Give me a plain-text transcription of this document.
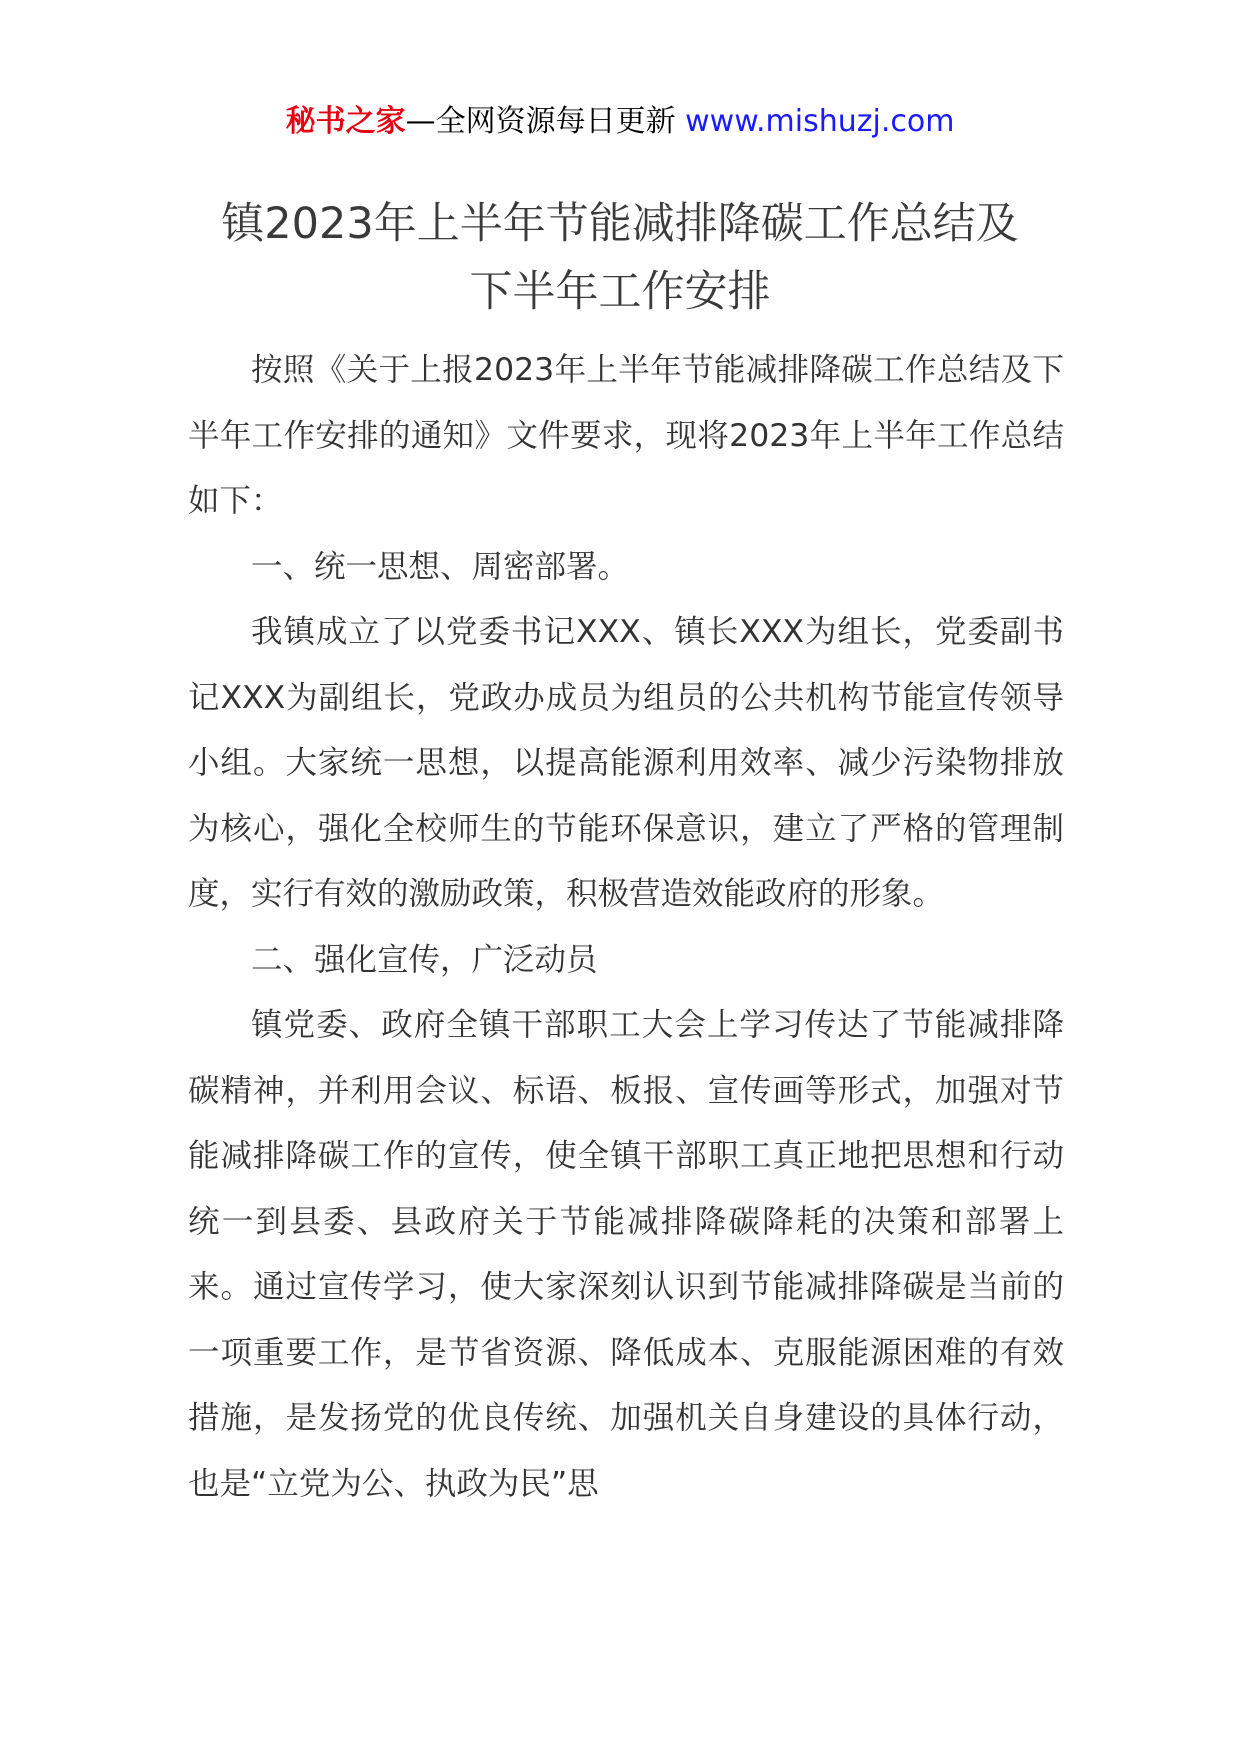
秘书之家—全网资源每日更新 www.mishuzj.com
镇2023年上半年节能减排降碳工作总结及
下半年工作安排

按照《关于上报2023年上半年节能减排降碳工作总结及下半年工作安排的通知》文件要求，现将2023年上半年工作总结如下：

一、统一思想、周密部署。

我镇成立了以党委书记XXX、镇长XXX为组长，党委副书记XXX为副组长，党政办成员为组员的公共机构节能宣传领导小组。大家统一思想，以提高能源利用效率、减少污染物排放为核心，强化全校师生的节能环保意识，建立了严格的管理制度，实行有效的激励政策，积极营造效能政府的形象。

二、强化宣传，广泛动员

镇党委、政府全镇干部职工大会上学习传达了节能减排降碳精神，并利用会议、标语、板报、宣传画等形式，加强对节能减排降碳工作的宣传，使全镇干部职工真正地把思想和行动统一到县委、县政府关于节能减排降碳降耗的决策和部署上来。通过宣传学习，使大家深刻认识到节能减排降碳是当前的一项重要工作，是节省资源、降低成本、克服能源困难的有效措施，是发扬党的优良传统、加强机关自身建设的具体行动，也是“立党为公、执政为民”思
